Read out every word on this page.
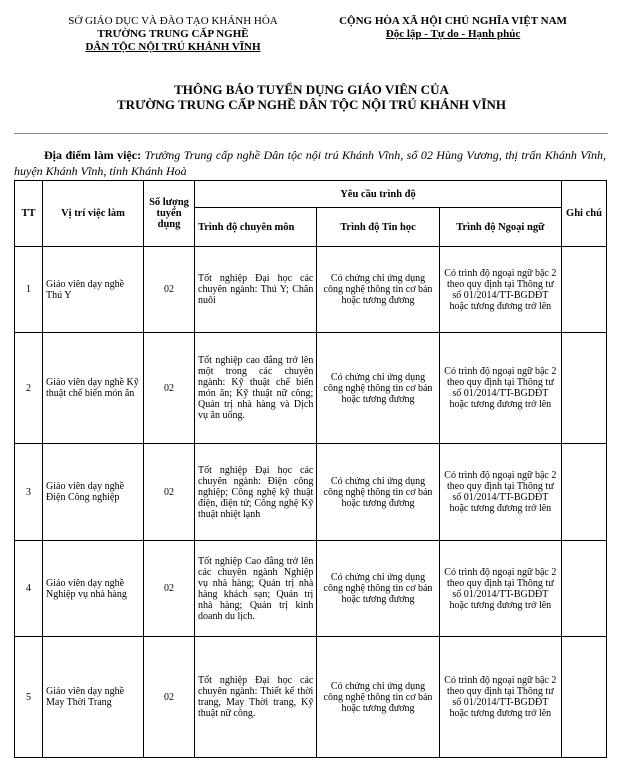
SỞ GIÁO DỤC VÀ ĐÀO TẠO KHÁNH HÒA
TRƯỜNG TRUNG CẤP NGHỀ
DÂN TỘC NỘI TRÚ KHÁNH VĨNH
CỘNG HÒA XÃ HỘI CHỦ NGHĨA VIỆT NAM
Độc lập - Tự do - Hạnh phúc
THÔNG BÁO TUYỂN DỤNG GIÁO VIÊN CỦA
TRƯỜNG TRUNG CẤP NGHỀ DÂN TỘC NỘI TRÚ KHÁNH VĨNH
Địa điểm làm việc: Trường Trung cấp nghề Dân tộc nội trú Khánh Vĩnh, số 02 Hùng Vương, thị trấn Khánh Vĩnh, huyện Khánh Vĩnh, tỉnh Khánh Hoà
TT	Vị trí việc làm	Số lượng tuyển dụng	Yêu cầu trình độ			Ghi chú
			Trình độ chuyên môn	Trình độ Tin học	Trình độ Ngoại ngữ	
1	Giáo viên dạy nghề Thú Y	02	Tốt nghiệp Đại học các chuyên ngành: Thú Y; Chăn nuôi	Có chứng chỉ ứng dụng công nghệ thông tin cơ bản hoặc tương đương	Có trình độ ngoại ngữ bậc 2 theo quy định tại Thông tư số 01/2014/TT-BGDĐT hoặc tương đương trở lên	
2	Giáo viên dạy nghề Kỹ thuật chế biến món ăn	02	Tốt nghiệp cao đẳng trở lên một trong các chuyên ngành: Kỹ thuật chế biến món ăn; Kỹ thuật nữ công; Quản trị nhà hàng và Dịch vụ ăn uống.	Có chứng chỉ ứng dụng công nghệ thông tin cơ bản hoặc tương đương	Có trình độ ngoại ngữ bậc 2 theo quy định tại Thông tư số 01/2014/TT-BGDĐT hoặc tương đương trở lên	
3	Giáo viên dạy nghề Điện Công nghiệp	02	Tốt nghiệp Đại học các chuyên ngành: Điện công nghiệp; Công nghệ kỹ thuật điện, điện tử; Công nghệ Kỹ thuật nhiệt lạnh	Có chứng chỉ ứng dụng công nghệ thông tin cơ bản hoặc tương đương	Có trình độ ngoại ngữ bậc 2 theo quy định tại Thông tư số 01/2014/TT-BGDĐT hoặc tương đương trở lên	
4	Giáo viên dạy nghề Nghiệp vụ nhà hàng	02	Tốt nghiệp Cao đẳng trở lên các chuyên ngành Nghiệp vụ nhà hàng; Quản trị nhà hàng khách sạn; Quản trị nhà hàng; Quản trị kinh doanh du lịch.	Có chứng chỉ ứng dụng công nghệ thông tin cơ bản hoặc tương đương	Có trình độ ngoại ngữ bậc 2 theo quy định tại Thông tư số 01/2014/TT-BGDĐT hoặc tương đương trở lên	
5	Giáo viên dạy nghề May Thời Trang	02	Tốt nghiệp Đại học các chuyên ngành: Thiết kế thời trang, May Thời trang, Kỹ thuật nữ công.	Có chứng chỉ ứng dụng công nghệ thông tin cơ bản hoặc tương đương	Có trình độ ngoại ngữ bậc 2 theo quy định tại Thông tư số 01/2014/TT-BGDĐT hoặc tương đương trở lên	
